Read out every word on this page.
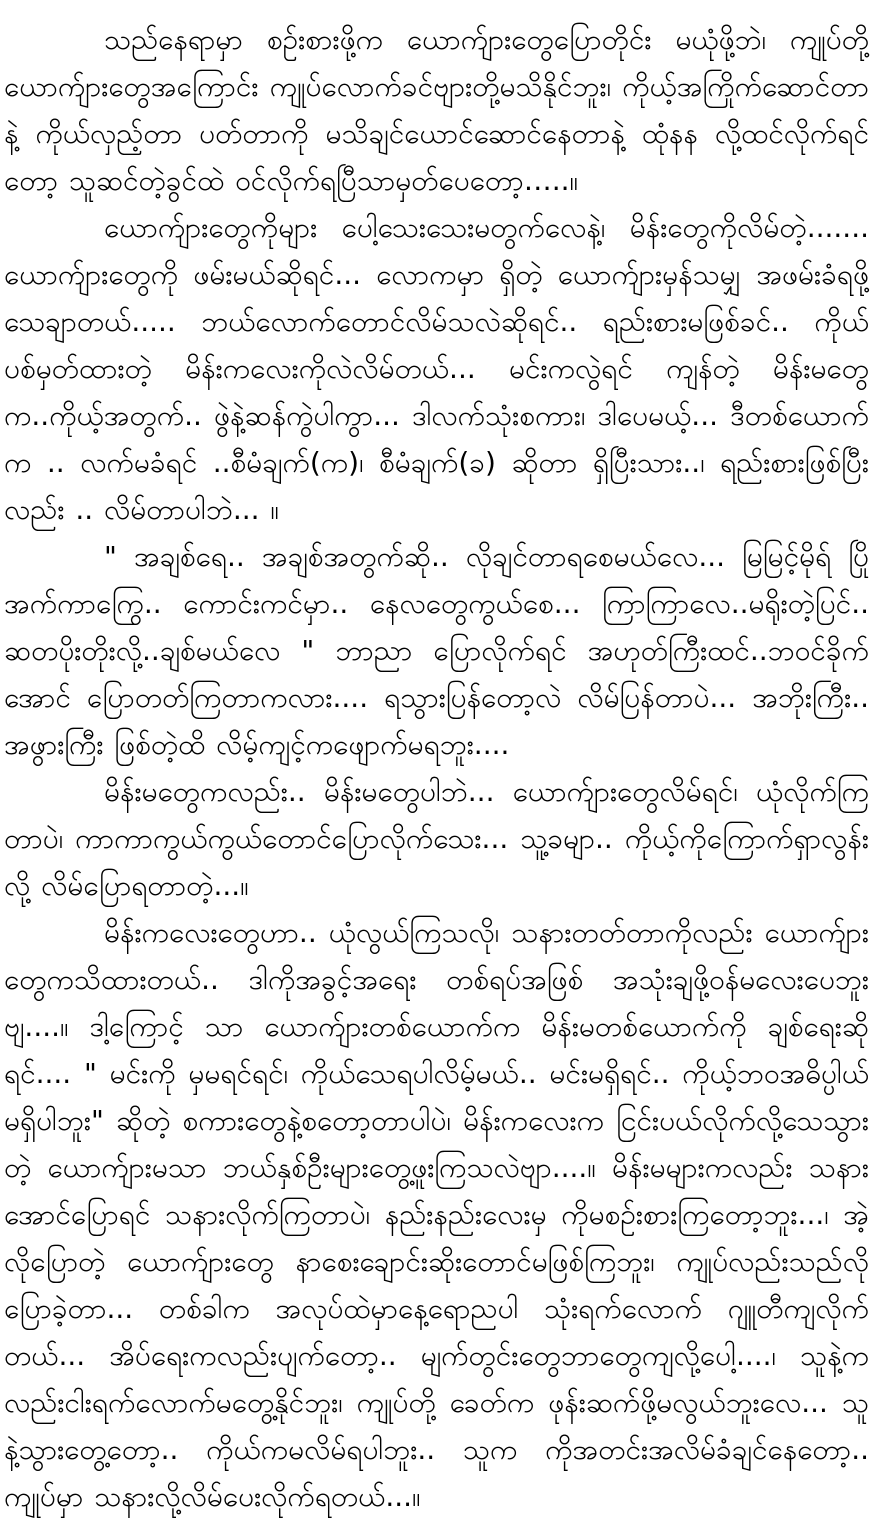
သည်နေရာမှာ စဉ်းစားဖို့က ယောက်ျားတွေပြောတိုင်း မယုံဖို့ဘဲ၊ ကျုပ်တို့ ယောက်ျားတွေအကြောင်း ကျုပ်လောက်ခင်ဗျားတို့မသိနိုင်ဘူး၊ ကိုယ့်အကြိုက်ဆောင်တာနဲ့ ကိုယ်လှည့်တာ ပတ်တာကို မသိချင်ယောင်ဆောင်နေတာနဲ့ ထုံနန လို့ထင်လိုက်ရင်တော့ သူဆင်တဲ့ခွင်ထဲ ဝင်လိုက်ရပြီသာမှတ်ပေတော့…..။

ယောက်ျားတွေကိုများ ပေါ့သေးသေးမတွက်လေနဲ့၊ မိန်းတွေကိုလိမ်တဲ့....... ယောက်ျားတွေကို ဖမ်းမယ်ဆိုရင်... လောကမှာ ရှိတဲ့ ယောက်ျားမှန်သမျှ အဖမ်းခံရဖို့ သေချာတယ်..... ဘယ်လောက်တောင်လိမ်သလဲဆိုရင်.. ရည်းစားမဖြစ်ခင်.. ကိုယ်ပစ်မှတ်ထားတဲ့ မိန်းကလေးကိုလဲလိမ်တယ်... မင်းကလွဲရင် ကျန်တဲ့ မိန်းမတွေက..ကိုယ့်အတွက်.. ဖွဲနဲ့ဆန်ကွဲပါကွာ... ဒါလက်သုံးစကား၊ ဒါပေမယ့်... ဒီတစ်ယောက်က .. လက်မခံရင် ..စီမံချက်(က)၊ စီမံချက်(ခ) ဆိုတာ ရှိပြီးသား..၊ ရည်းစားဖြစ်ပြီးလည်း .. လိမ်တာပါဘဲ... ။

" အချစ်ရေ.. အချစ်အတွက်ဆို.. လိုချင်တာရစေမယ်လေ... မြမြင့်မိုရ် ပြိုအက်ကာကြွေ.. ကောင်းကင်မှာ.. နေလတွေကွယ်စေ... ကြာကြာလေ..မရိုးတဲ့ပြင်.. ဆတပိုးတိုးလို့..ချစ်မယ်လေ " ဘာညာ ပြောလိုက်ရင် အဟုတ်ကြီးထင်..ဘဝင်ခိုက်အောင် ပြောတတ်ကြတာကလား.... ရသွားပြန်တော့လဲ လိမ်ပြန်တာပဲ... အဘိုးကြီး.. အဖွားကြီး ဖြစ်တဲ့ထိ လိမ့်ကျင့်ကဖျောက်မရဘူး....

မိန်းမတွေကလည်း.. မိန်းမတွေပါဘဲ... ယောက်ျားတွေလိမ်ရင်၊ ယုံလိုက်ကြတာပဲ၊ ကာကာကွယ်ကွယ်တောင်ပြောလိုက်သေး... သူ့ခမျာ.. ကိုယ့်ကိုကြောက်ရှာလွန်းလို့ လိမ်ပြောရတာတဲ့...။

မိန်းကလေးတွေဟာ.. ယုံလွယ်ကြသလို၊ သနားတတ်တာကိုလည်း ယောက်ျားတွေကသိထားတယ်.. ဒါကိုအခွင့်အရေး တစ်ရပ်အဖြစ် အသုံးချဖို့ဝန်မလေးပေဘူးဗျ....။ ဒါ့ကြောင့် သာ ယောက်ျားတစ်ယောက်က မိန်းမတစ်ယောက်ကို ချစ်ရေးဆိုရင်.... " မင်းကို မှမရင်ရင်၊ ကိုယ်သေရပါလိမ့်မယ်.. မင်းမရှိရင်.. ကိုယ့်ဘဝအဓိပ္ပါယ် မရှိပါဘူး" ဆိုတဲ့ စကားတွေနဲ့စတော့တာပါပဲ၊ မိန်းကလေးက ငြင်းပယ်လိုက်လို့သေသွားတဲ့ ယောက်ျားမသာ ဘယ်နှစ်ဦးများတွေ့ဖူးကြသလဲဗျာ....။ မိန်းမများကလည်း သနားအောင်ပြောရင် သနားလိုက်ကြတာပဲ၊ နည်းနည်းလေးမှ ကိုမစဉ်းစားကြတော့ဘူး...၊ အဲ့လိုပြောတဲ့ ယောက်ျားတွေ နာစေးချောင်းဆိုးတောင်မဖြစ်ကြဘူး၊ ကျုပ်လည်းသည်လိုပြောခဲ့တာ... တစ်ခါက အလုပ်ထဲမှာနေ့ရောညပါ သုံးရက်လောက် ဂျူတီကျလိုက်တယ်... အိပ်ရေးကလည်းပျက်တော့.. မျက်တွင်းတွေဘာတွေကျလို့ပေါ့....၊ သူနဲ့ကလည်းငါးရက်လောက်မတွေ့နိုင်ဘူး၊ ကျုပ်တို့ ခေတ်က ဖုန်းဆက်ဖို့မလွယ်ဘူးလေ... သူနဲ့သွားတွေ့တော့.. ကိုယ်ကမလိမ်ရပါဘူး.. သူက ကိုအတင်းအလိမ်ခံချင်နေတော့.. ကျုပ်မှာ သနားလို့လိမ်ပေးလိုက်ရတယ်...။
